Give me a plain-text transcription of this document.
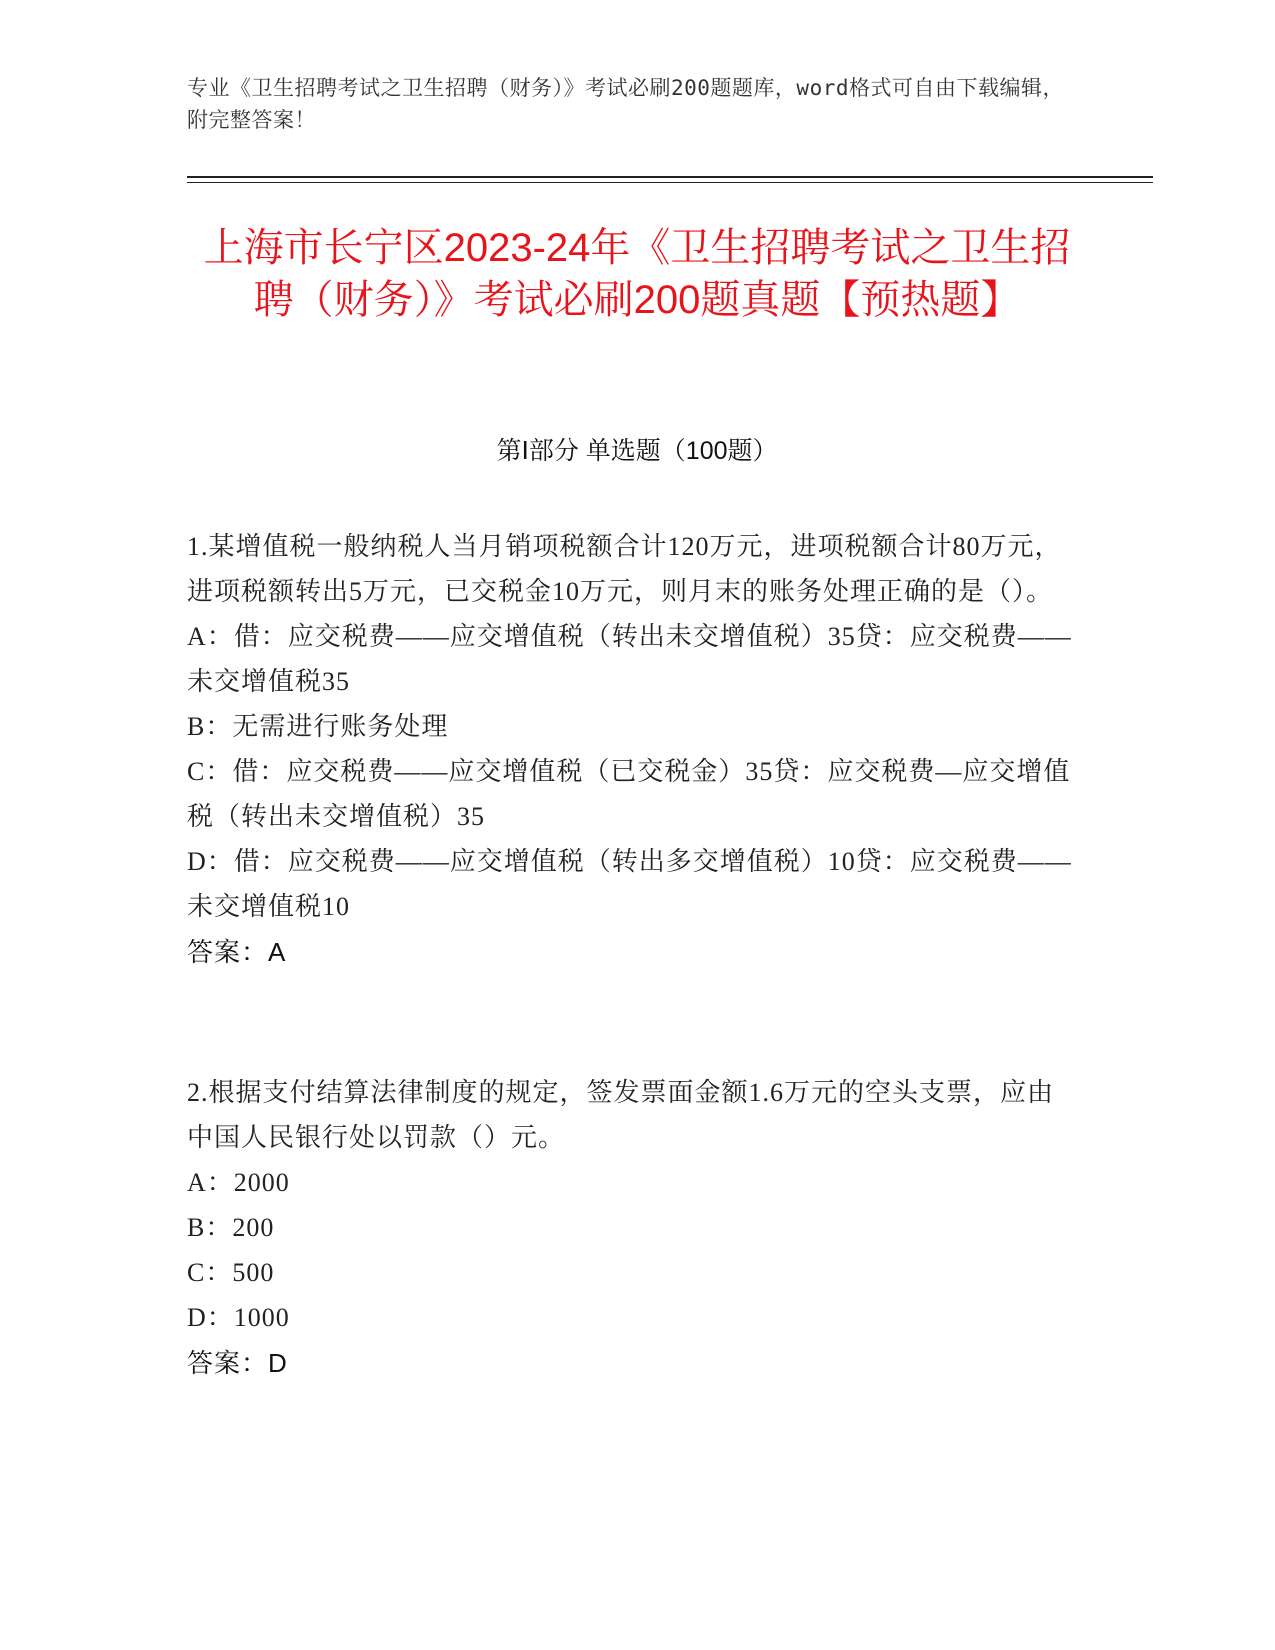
专业《卫生招聘考试之卫生招聘（财务）》考试必刷200题题库，word格式可自由下载编辑，附完整答案！
上海市长宁区2023-24年《卫生招聘考试之卫生招聘（财务）》考试必刷200题真题【预热题】
第Ⅰ部分 单选题（100题）

1.某增值税一般纳税人当月销项税额合计120万元，进项税额合计80万元，进项税额转出5万元，已交税金10万元，则月末的账务处理正确的是（）。

A：借：应交税费——应交增值税（转出未交增值税）35贷：应交税费——未交增值税35

B：无需进行账务处理

C：借：应交税费——应交增值税（已交税金）35贷：应交税费—应交增值税（转出未交增值税）35

D：借：应交税费——应交增值税（转出多交增值税）10贷：应交税费——未交增值税10

答案：A

2.根据支付结算法律制度的规定，签发票面金额1.6万元的空头支票，应由中国人民银行处以罚款（）元。

A：2000

B：200

C：500

D：1000

答案：D
